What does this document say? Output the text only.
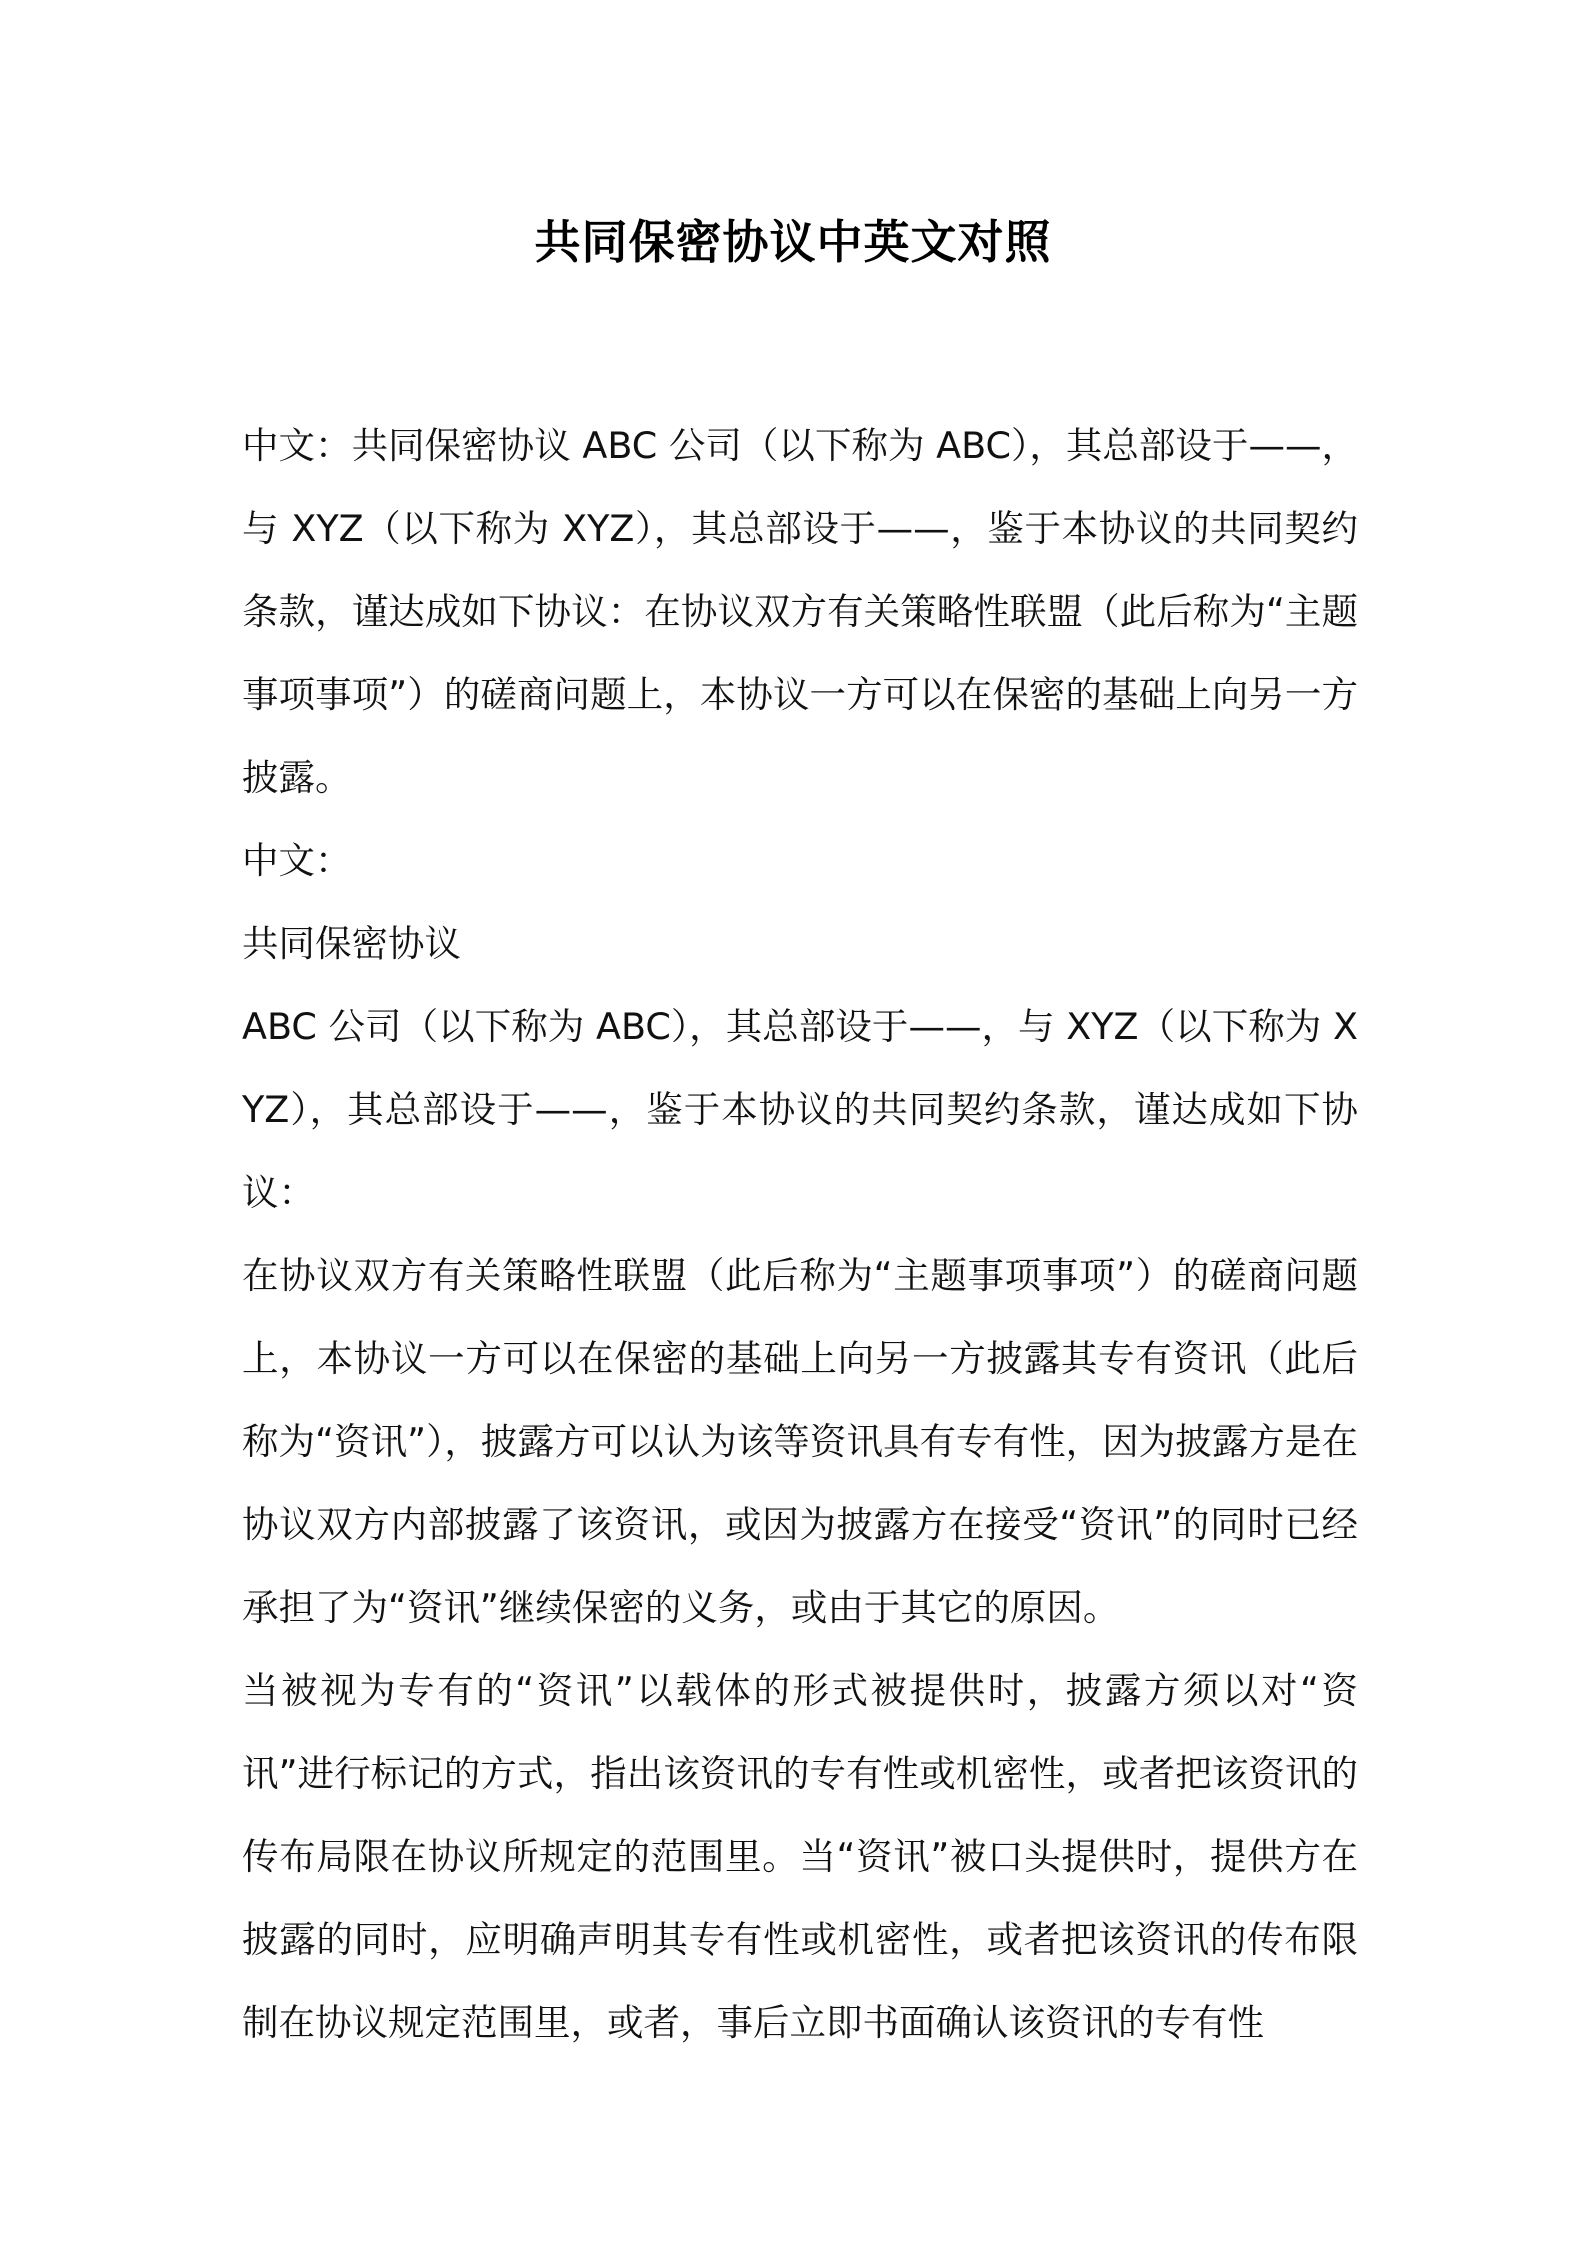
共同保密协议中英文对照

中文：共同保密协议 ABC 公司（以下称为 ABC），其总部设于——，与 XYZ（以下称为 XYZ），其总部设于——，鉴于本协议的共同契约条款，谨达成如下协议：在协议双方有关策略性联盟（此后称为“主题事项事项”）的磋商问题上，本协议一方可以在保密的基础上向另一方披露。

中文：

共同保密协议

ABC 公司（以下称为 ABC），其总部设于——，与 XYZ（以下称为 XYZ），其总部设于——，鉴于本协议的共同契约条款，谨达成如下协议：

在协议双方有关策略性联盟（此后称为“主题事项事项”）的磋商问题上，本协议一方可以在保密的基础上向另一方披露其专有资讯（此后称为“资讯”），披露方可以认为该等资讯具有专有性，因为披露方是在协议双方内部披露了该资讯，或因为披露方在接受“资讯”的同时已经承担了为“资讯”继续保密的义务，或由于其它的原因。

当被视为专有的“资讯”以载体的形式被提供时，披露方须以对“资讯”进行标记的方式，指出该资讯的专有性或机密性，或者把该资讯的传布局限在协议所规定的范围里。当“资讯”被口头提供时，提供方在披露的同时，应明确声明其专有性或机密性，或者把该资讯的传布限制在协议规定范围里，或者，事后立即书面确认该资讯的专有性
